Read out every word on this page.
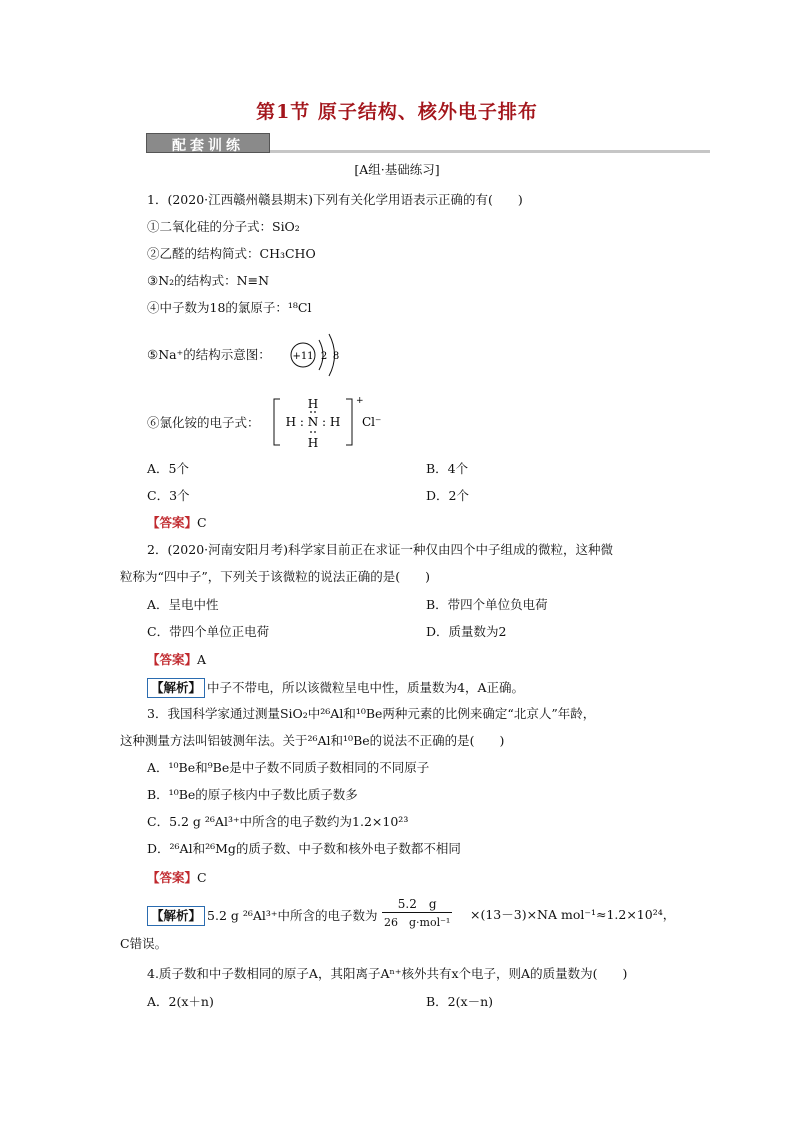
第1节 原子结构、核外电子排布
配套训练
[A组·基础练习]
1．(2020·江西赣州赣县期末)下列有关化学用语表示正确的有(　　)
①二氧化硅的分子式：SiO₂
②乙醛的结构简式：CH₃CHO
③N₂的结构式：N≡N
④中子数为18的氯原子：¹⁸Cl
⑤Na⁺的结构示意图： +11 2 8
⑥氯化铵的电子式：
H
H : N : H
H
+
Cl⁻
A．5个	B．4个
C．3个	D．2个
【答案】C
2．(2020·河南安阳月考)科学家目前正在求证一种仅由四个中子组成的微粒，这种微
粒称为“四中子”，下列关于该微粒的说法正确的是(　　)
A．呈电中性	B．带四个单位负电荷
C．带四个单位正电荷	D．质量数为2
【答案】A
【解析】 中子不带电，所以该微粒呈电中性，质量数为4，A正确。
3．我国科学家通过测量SiO₂中²⁶Al和¹⁰Be两种元素的比例来确定“北京人”年龄，
这种测量方法叫铝铍测年法。关于²⁶Al和¹⁰Be的说法不正确的是(　　)
A．¹⁰Be和⁹Be是中子数不同质子数相同的不同原子
B．¹⁰Be的原子核内中子数比质子数多
C．5.2 g ²⁶Al³⁺中所含的电子数约为1.2×10²³
D．²⁶Al和²⁶Mg的质子数、中子数和核外电子数都不相同
【答案】C
【解析】 5.2 g ²⁶Al³⁺中所含的电子数为
5.2　g
26　g·mol⁻¹
×(13－3)×NA mol⁻¹≈1.2×10²⁴，
C错误。
4.质子数和中子数相同的原子A，其阳离子Aⁿ⁺核外共有x个电子，则A的质量数为(　　)
A．2(x＋n)	B．2(x－n)
